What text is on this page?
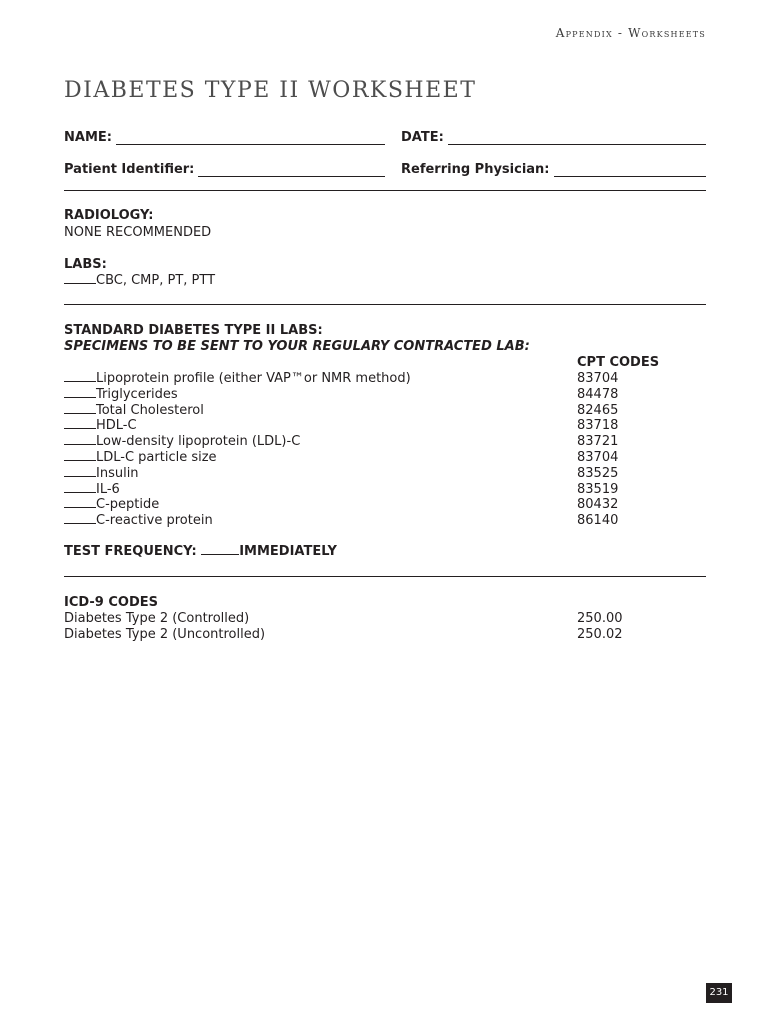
Appendix - Worksheets
DIABETES TYPE II WORKSHEET
NAME:	DATE:
Patient Identifier:	Referring Physician:
RADIOLOGY:
NONE RECOMMENDED
LABS:
CBC, CMP, PT, PTT
STANDARD DIABETES TYPE II LABS:
SPECIMENS TO BE SENT TO YOUR REGULARY CONTRACTED LAB:
CPT CODES
Lipoprotein profile (either VAP™or NMR method)	83704
Triglycerides	84478
Total Cholesterol	82465
HDL-C	83718
Low-density lipoprotein (LDL)-C	83721
LDL-C particle size	83704
Insulin	83525
IL-6	83519
C-peptide	80432
C-reactive protein	86140
TEST FREQUENCY:	IMMEDIATELY
ICD-9 CODES
Diabetes Type 2 (Controlled)	250.00
Diabetes Type 2 (Uncontrolled)	250.02
231
